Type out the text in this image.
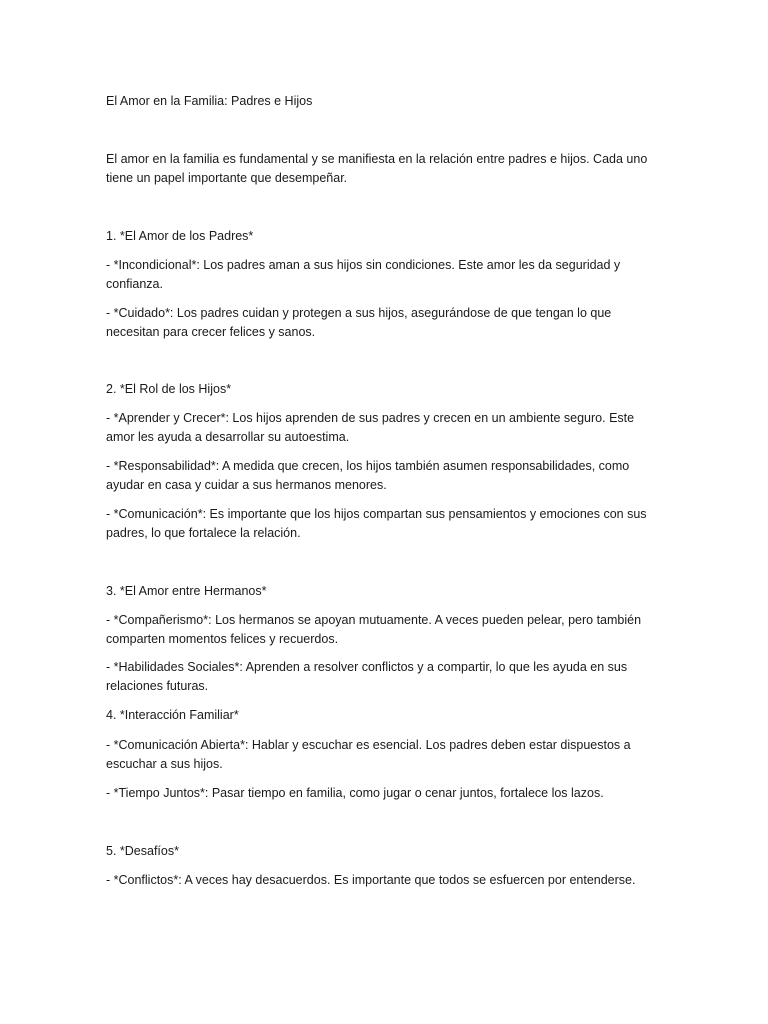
El Amor en la Familia: Padres e Hijos
El amor en la familia es fundamental y se manifiesta en la relación entre padres e hijos. Cada uno
tiene un papel importante que desempeñar.
1. *El Amor de los Padres*
- *Incondicional*: Los padres aman a sus hijos sin condiciones. Este amor les da seguridad y
confianza.
- *Cuidado*: Los padres cuidan y protegen a sus hijos, asegurándose de que tengan lo que
necesitan para crecer felices y sanos.
2. *El Rol de los Hijos*
- *Aprender y Crecer*: Los hijos aprenden de sus padres y crecen en un ambiente seguro. Este
amor les ayuda a desarrollar su autoestima.
- *Responsabilidad*: A medida que crecen, los hijos también asumen responsabilidades, como
ayudar en casa y cuidar a sus hermanos menores.
- *Comunicación*: Es importante que los hijos compartan sus pensamientos y emociones con sus
padres, lo que fortalece la relación.
3. *El Amor entre Hermanos*
- *Compañerismo*: Los hermanos se apoyan mutuamente. A veces pueden pelear, pero también
comparten momentos felices y recuerdos.
- *Habilidades Sociales*: Aprenden a resolver conflictos y a compartir, lo que les ayuda en sus
relaciones futuras.
4. *Interacción Familiar*
- *Comunicación Abierta*: Hablar y escuchar es esencial. Los padres deben estar dispuestos a
escuchar a sus hijos.
- *Tiempo Juntos*: Pasar tiempo en familia, como jugar o cenar juntos, fortalece los lazos.
5. *Desafíos*
- *Conflictos*: A veces hay desacuerdos. Es importante que todos se esfuercen por entenderse.
